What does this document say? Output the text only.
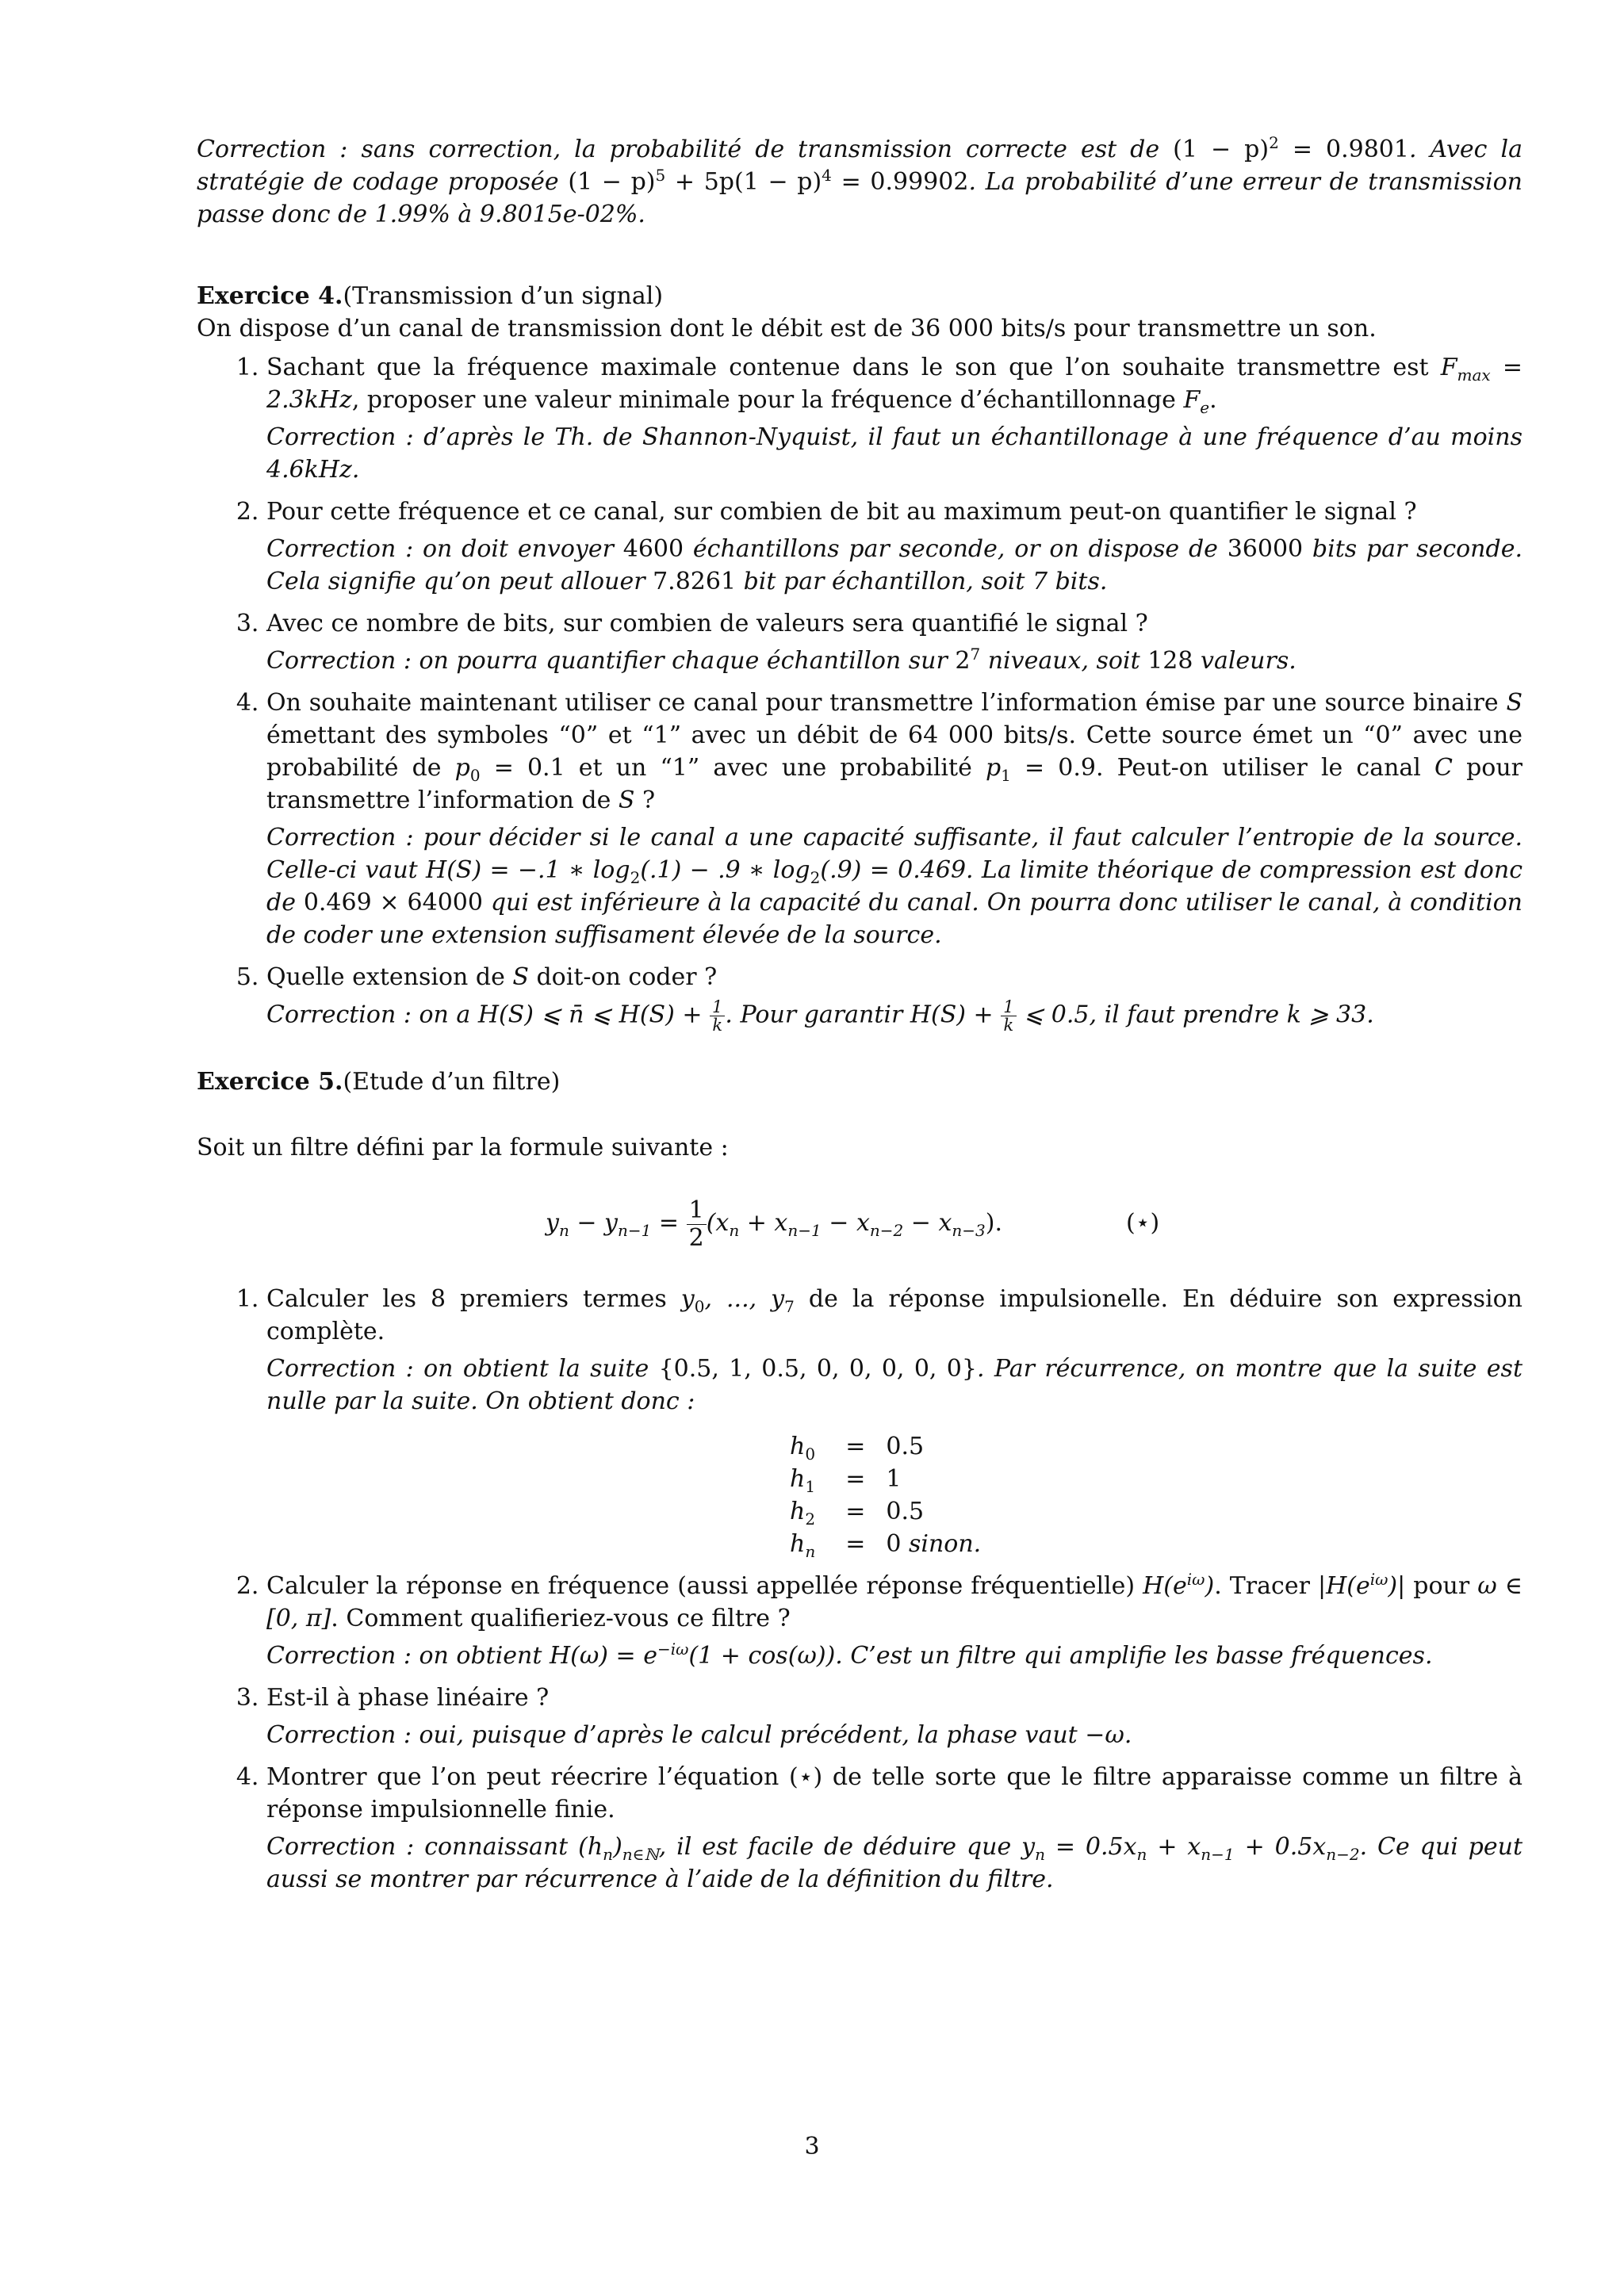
Correction : sans correction, la probabilité de transmission correcte est de $(1 - p)^2 = 0.9801$. Avec la stratégie de codage proposée $(1 - p)^5 + 5p(1 - p)^4 = 0.99902$. La probabilité d’une erreur de transmission passe donc de 1.99% à 9.8015e-02%.

Exercice 4.(Transmission d’un signal)
On dispose d’un canal de transmission dont le débit est de 36 000 bits/s pour transmettre un son.
1. Sachant que la fréquence maximale contenue dans le son que l’on souhaite transmettre est $F_{max} = 2.3kHz$, proposer une valeur minimale pour la fréquence d’échantillonnage $F_e$.
Correction : d’après le Th. de Shannon-Nyquist, il faut un échantillonage à une fréquence d’au moins 4.6kHz.
2. Pour cette fréquence et ce canal, sur combien de bit au maximum peut-on quantifier le signal ?
Correction : on doit envoyer 4600 échantillons par seconde, or on dispose de 36000 bits par seconde. Cela signifie qu’on peut allouer 7.8261 bit par échantillon, soit 7 bits.
3. Avec ce nombre de bits, sur combien de valeurs sera quantifié le signal ?
Correction : on pourra quantifier chaque échantillon sur $2^7$ niveaux, soit 128 valeurs.
4. On souhaite maintenant utiliser ce canal pour transmettre l’information émise par une source binaire S émettant des symboles “0” et “1” avec un débit de 64 000 bits/s. Cette source émet un “0” avec une probabilité de $p_0 = 0.1$ et un “1” avec une probabilité $p_1 = 0.9$. Peut-on utiliser le canal C pour transmettre l’information de S ?
Correction : pour décider si le canal a une capacité suffisante, il faut calculer l’entropie de la source. Celle-ci vaut H(S) = −.1 ∗ $\log_2(.1) - .9$ ∗ $\log_2(.9) = 0.469$. La limite théorique de compression est donc de 0.469 × 64000 qui est inférieure à la capacité du canal. On pourra donc utiliser le canal, à condition de coder une extension suffisament élevée de la source.
5. Quelle extension de S doit-on coder ?
Correction : on a H(S) ⩽ n̄ ⩽ $H(S) + \frac{1}{k}$ . Pour garantir $H(S) + \frac{1}{k}$ ⩽ 0.5, il faut prendre k ⩾ 33.
Exercice 5.(Etude d’un filtre)
Soit un filtre défini par la formule suivante :
$y_n - y_{n-1} = \frac{1}{2} (x_n + x_{n-1} - x_{n-2} - x_{n-3})$.	(⋆)
1. Calculer les 8 premiers termes $y_0$, ..., $y_7$ de la réponse impulsionelle. En déduire son expression complète.
Correction : on obtient la suite {0.5, 1, 0.5, 0, 0, 0, 0, 0}. Par récurrence, on montre que la suite est nulle par la suite. On obtient donc :
$h_0$	=	0.5
$h_1$	=	1
$h_2$	=	0.5
$h_n$	=	0 sinon.
2. Calculer la réponse en fréquence (aussi appellée réponse fréquentielle) $H(e^{i\omega})$. Tracer $|H(e^{i\omega})|$ pour ω ∈ [0, π]. Comment qualifieriez-vous ce filtre ?
Correction : on obtient $H(\omega) = e^{-i\omega}(1 + \cos(\omega))$. C’est un filtre qui amplifie les basse fréquences.
3. Est-il à phase linéaire ?
Correction : oui, puisque d’après le calcul précédent, la phase vaut −ω.
4. Montrer que l’on peut réecrire l’équation (⋆) de telle sorte que le filtre apparaisse comme un filtre à réponse impulsionnelle finie.
Correction : connaissant $(h_n)_{n\in ℕ}$, il est facile de déduire que $y_n = 0.5x_n + x_{n-1} + 0.5x_{n-2}$. Ce qui peut aussi se montrer par récurrence à l’aide de la définition du filtre.
3
